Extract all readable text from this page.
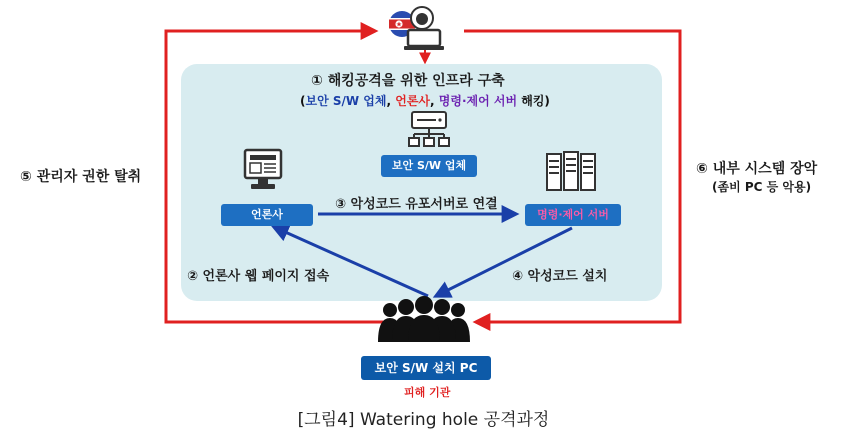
① 해킹공격을 위한 인프라 구축
(보안 S/W 업체, 언론사, 명령·제어 서버 해킹)
보안 S/W 업체
언론사	명령·제어 서버
③ 악성코드 유포서버로 연결
② 언론사 웹 페이지 접속	④ 악성코드 설치
⑤ 관리자 권한 탈취	⑥ 내부 시스템 장악
(좀비 PC 등 악용)
보안 S/W 설치 PC
피해 기관
[그림4] Watering hole 공격과정
